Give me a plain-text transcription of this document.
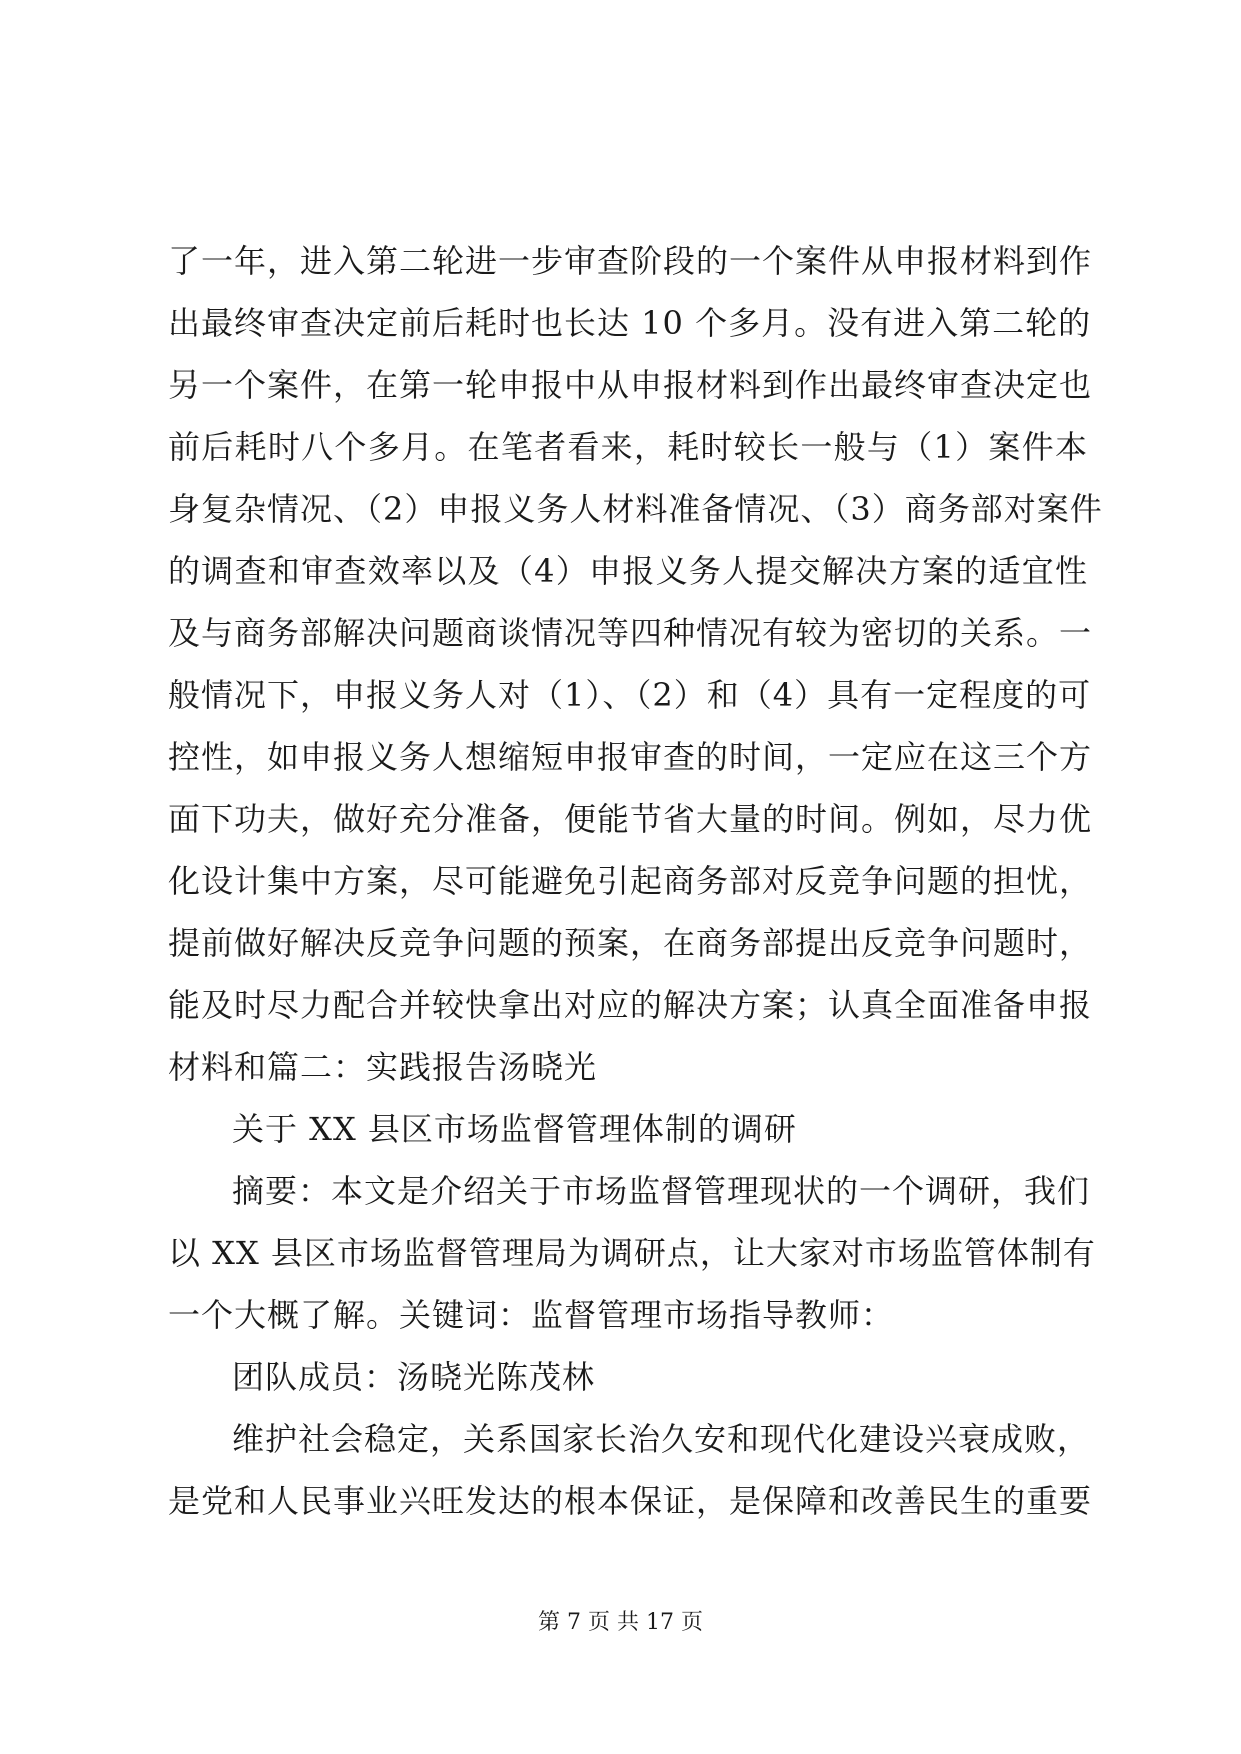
了一年，进入第二轮进一步审查阶段的一个案件从申报材料到作
出最终审查决定前后耗时也长达 10 个多月。没有进入第二轮的
另一个案件，在第一轮申报中从申报材料到作出最终审查决定也
前后耗时八个多月。在笔者看来，耗时较长一般与（1）案件本
身复杂情况、（2）申报义务人材料准备情况、（3）商务部对案件
的调查和审查效率以及（4）申报义务人提交解决方案的适宜性
及与商务部解决问题商谈情况等四种情况有较为密切的关系。一
般情况下，申报义务人对（1）、（2）和（4）具有一定程度的可
控性，如申报义务人想缩短申报审查的时间，一定应在这三个方
面下功夫，做好充分准备，便能节省大量的时间。例如，尽力优
化设计集中方案，尽可能避免引起商务部对反竞争问题的担忧，
提前做好解决反竞争问题的预案，在商务部提出反竞争问题时，
能及时尽力配合并较快拿出对应的解决方案；认真全面准备申报
材料和篇二：实践报告汤晓光
关于 XX 县区市场监督管理体制的调研
摘要：本文是介绍关于市场监督管理现状的一个调研，我们
以 XX 县区市场监督管理局为调研点，让大家对市场监管体制有
一个大概了解。关键词：监督管理市场指导教师：
团队成员：汤晓光陈茂林
维护社会稳定，关系国家长治久安和现代化建设兴衰成败，
是党和人民事业兴旺发达的根本保证，是保障和改善民生的重要
第 7 页 共 17 页
